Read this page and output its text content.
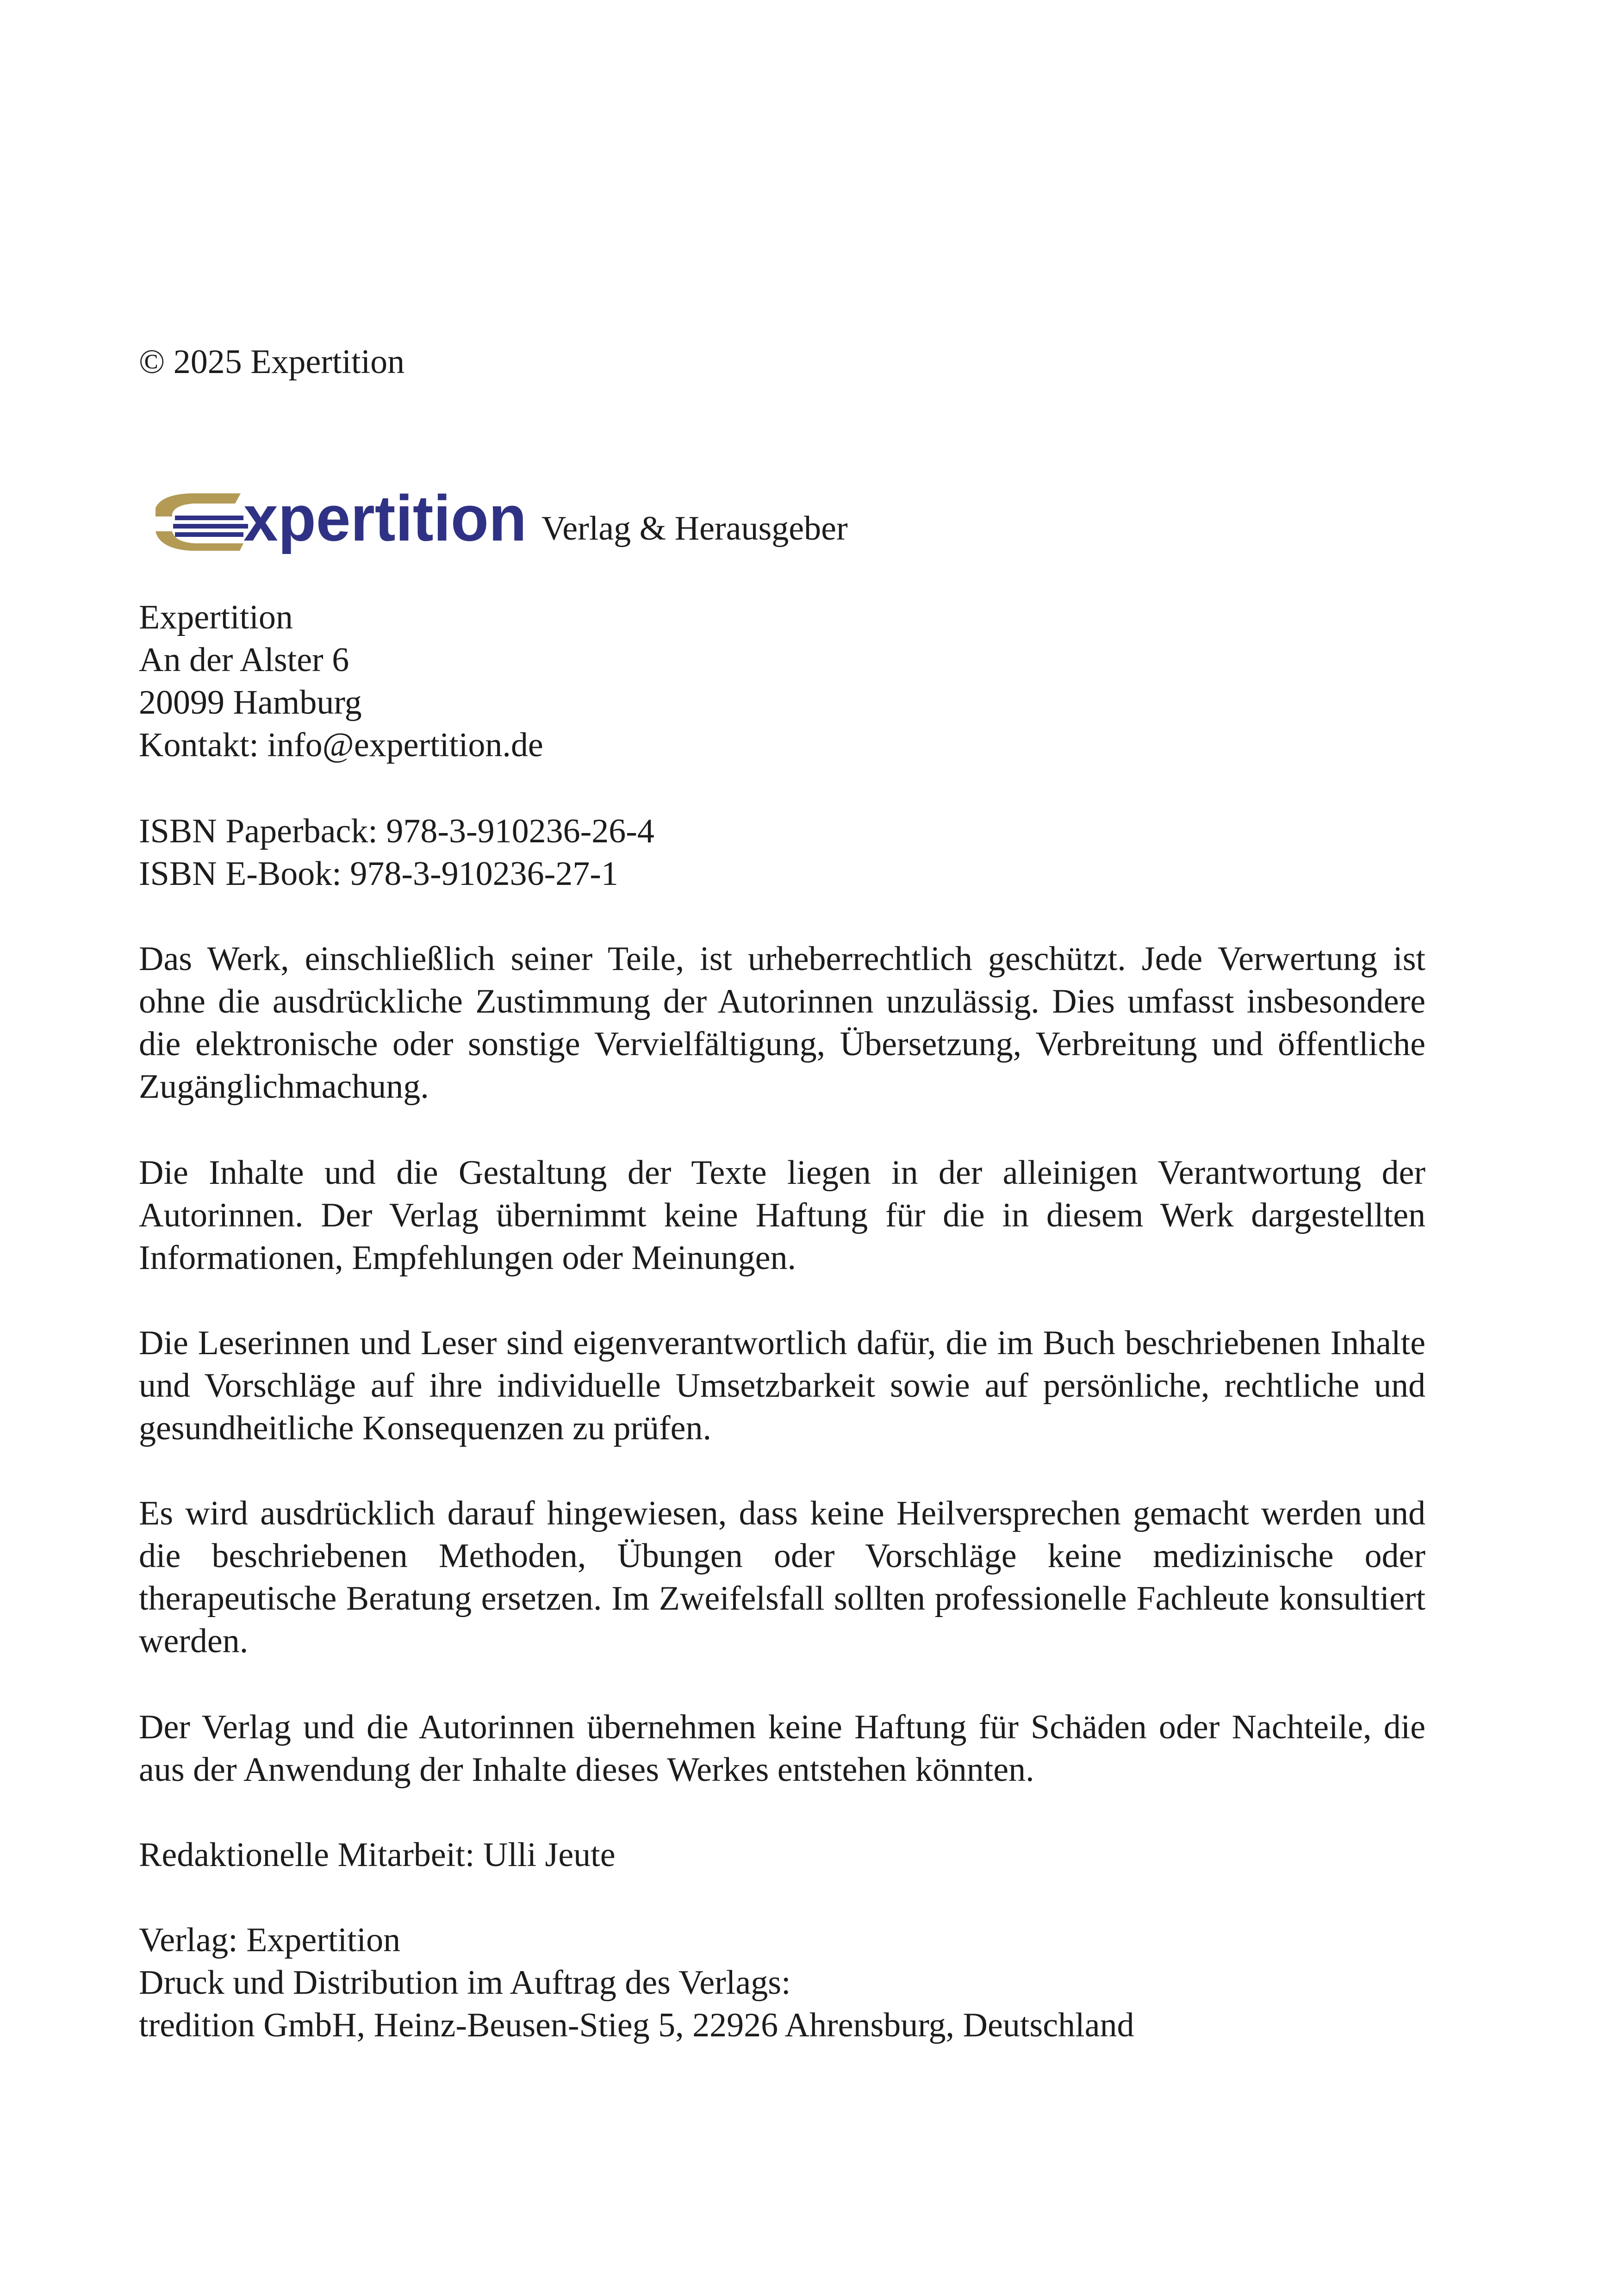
© 2025 Expertition
xpertition Verlag & Herausgeber
Expertition
An der Alster 6
20099 Hamburg
Kontakt: info@expertition.de
ISBN Paperback: 978-3-910236-26-4
ISBN E-Book: 978-3-910236-27-1

Das Werk, einschließlich seiner Teile, ist urheberrechtlich geschützt. Jede Verwertung ist ohne die ausdrückliche Zustimmung der Autorinnen unzulässig. Dies umfasst insbesondere die elektronische oder sonstige Vervielfältigung, Übersetzung, Verbreitung und öffentliche Zugänglichmachung.

Die Inhalte und die Gestaltung der Texte liegen in der alleinigen Verantwortung der Autorinnen. Der Verlag übernimmt keine Haftung für die in diesem Werk dargestellten Informationen, Empfehlungen oder Meinungen.

Die Leserinnen und Leser sind eigenverantwortlich dafür, die im Buch beschriebenen Inhalte und Vorschläge auf ihre individuelle Umsetzbarkeit sowie auf persönliche, rechtliche und gesundheitliche Konsequenzen zu prüfen.

Es wird ausdrücklich darauf hingewiesen, dass keine Heilversprechen gemacht werden und die beschriebenen Methoden, Übungen oder Vorschläge keine medizinische oder therapeutische Beratung ersetzen. Im Zweifelsfall sollten professionelle Fachleute konsultiert werden.

Der Verlag und die Autorinnen übernehmen keine Haftung für Schäden oder Nachteile, die aus der Anwendung der Inhalte dieses Werkes entstehen könnten.

Redaktionelle Mitarbeit: Ulli Jeute
Verlag: Expertition
Druck und Distribution im Auftrag des Verlags:
tredition GmbH, Heinz-Beusen-Stieg 5, 22926 Ahrensburg, Deutschland
